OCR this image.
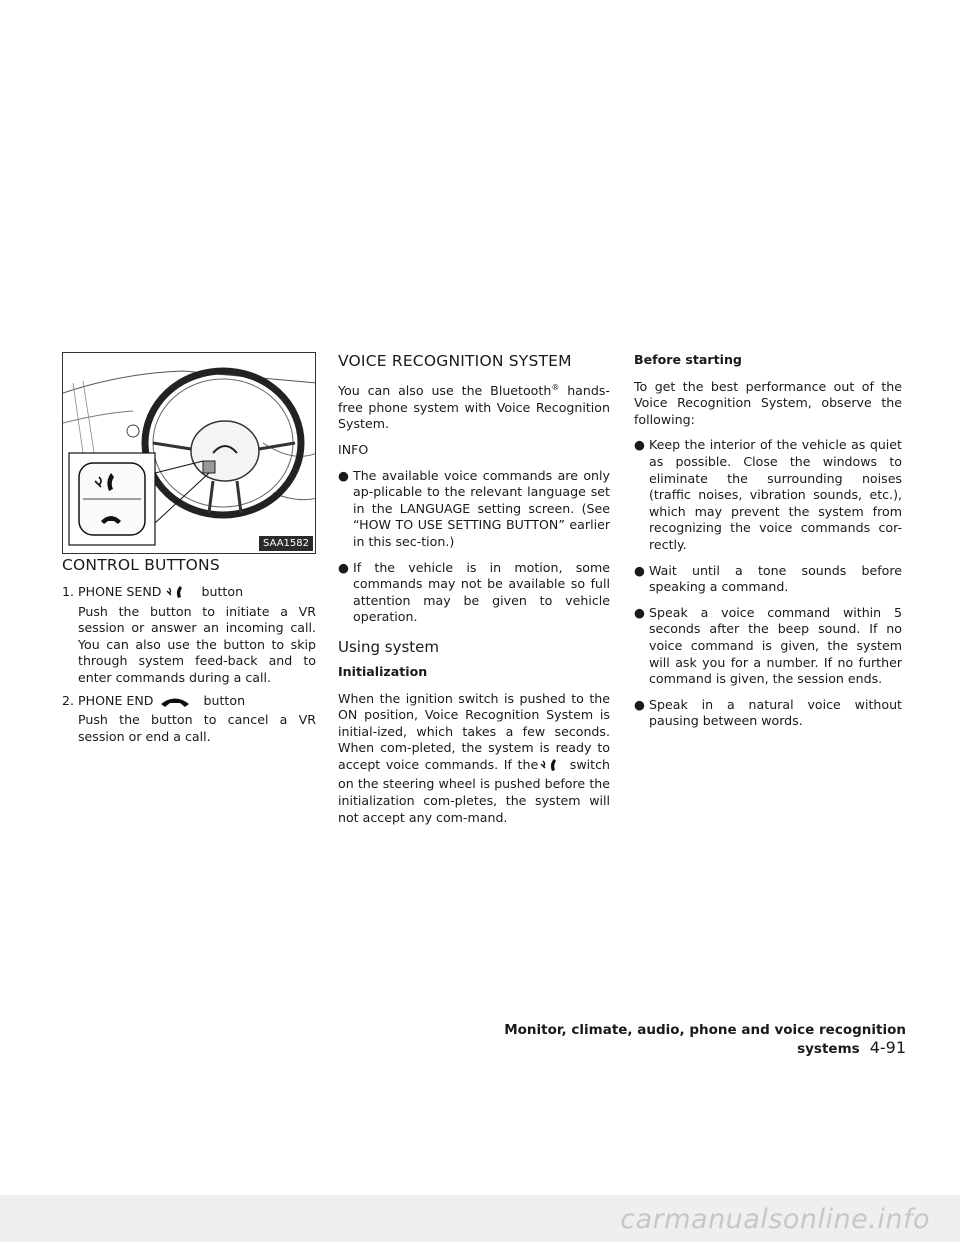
SAA1582
CONTROL BUTTONS
1. PHONE SEND	button
Push the button to initiate a VR session or answer an incoming call. You can also use the button to skip through system feed-back and to enter commands during a call.
2. PHONE END	button
Push the button to cancel a VR session or end a call.
VOICE RECOGNITION SYSTEM

You can also use the Bluetooth® hands-free phone system with Voice Recognition System.

INFO

● The available voice commands are only ap-plicable to the relevant language set in the LANGUAGE setting screen. (See “HOW TO USE SETTING BUTTON” earlier in this sec-tion.)
● If the vehicle is in motion, some commands may not be available so full attention may be given to vehicle operation.
Using system

Initialization

When the ignition switch is pushed to the ON position, Voice Recognition System is initial-ized, which takes a few seconds. When com-pleted, the system is ready to accept voice commands. If the switch on the steering wheel is pushed before the initialization com-pletes, the system will not accept any com-mand.

Before starting

To get the best performance out of the Voice Recognition System, observe the following:

● Keep the interior of the vehicle as quiet as possible. Close the windows to eliminate the surrounding noises (traffic noises, vibration sounds, etc.), which may prevent the system from recognizing the voice commands cor-rectly.
● Wait until a tone sounds before speaking a command.
● Speak a voice command within 5 seconds after the beep sound. If no voice command is given, the system will ask you for a number. If no further command is given, the session ends.
● Speak in a natural voice without pausing between words.
Monitor, climate, audio, phone and voice recognition systems 4-91
carmanualsonline.info
